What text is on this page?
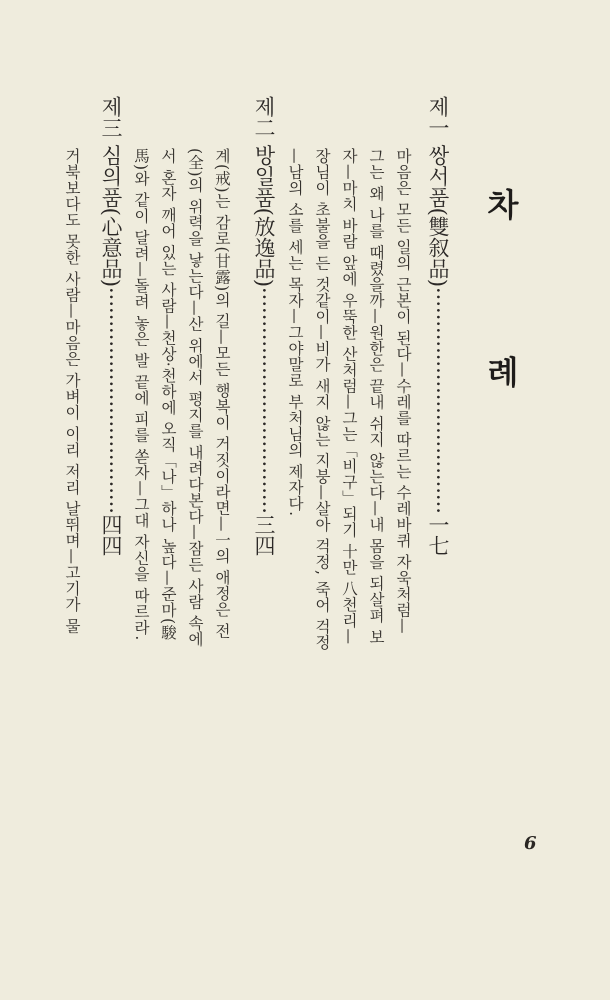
차 례
제一 쌍서품(雙叙品)··································一七
마음은 모든 일의 근본이 된다—수레를 따르는 수레바퀴 자욱처럼—
그는 왜 나를 때렸을까—원한은 끝내 쉬지 않는다—내 몸을 되살펴 보
자—마치 바람 앞에 우뚝한 산처럼—그는「비구」되기 十만 八천리—
장님이 초불을 든 것같이—비가 새지 않는 지붕—살아 걱정, 죽어 걱정
—남의 소를 세는 목자—그야말로 부처님의 제자다.
제二 방일품(放逸品)··································三四
계(戒)는 감로(甘露)의 길—모든 행복이 거짓이라면—一의 애정은 전
(全)의 위력을 낳는다—산 위에서 평지를 내려다본다—잠든 사람 속에
서 혼자 깨어 있는 사람—천상·천하에 오직「나」하나 높다—준마(駿
馬)와 같이 달려—돌려 놓은 발 끝에 피를 쏟자—그대 자신을 따르라.
제三 심의품(心意品)··································四四
거북보다도 못한 사람—마음은 가벼이 이리 저리 날뛰며—고기가 물
6
